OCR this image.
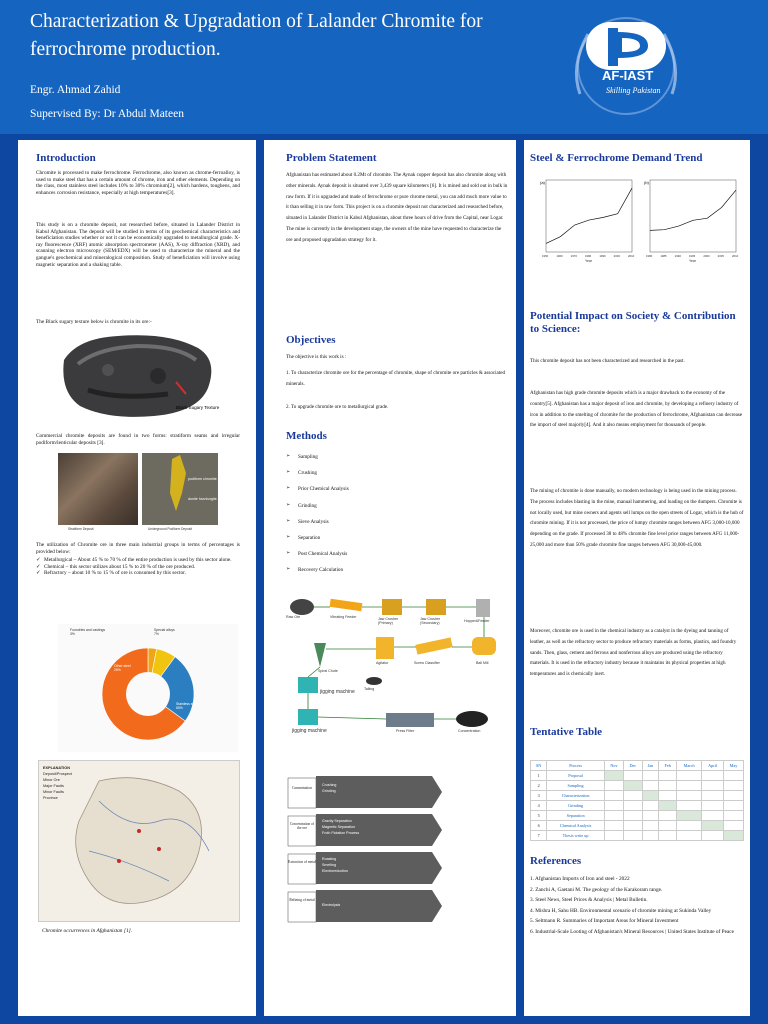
Characterization & Upgradation of Lalander Chromite for ferrochrome production.
Engr. Ahmad Zahid
Supervised By: Dr Abdul Mateen
AF-IAST
Skilling Pakistan
Introduction
Chromite is processed to make ferrochrome. Ferrochrome, also known as chrome-ferroalloy, is used to make steel that has a certain amount of chrome, iron and other elements. Depending on the class, most stainless steel includes 10% to 30% chromium[2], which hardens, toughens, and enhances corrosion resistance, especially at high temperatures[3].
This study is on a chromite deposit, not researched before, situated in Lalander District in Kabul Afghanistan. The deposit will be studied in terms of its geochemical characteristics and beneficiation studies whether or not it can be economically upgraded to metallurgical grade. X-ray fluorescence (XRF) atomic absorption spectrometer (AAS), X-ray diffraction (XRD), and scanning electron microscopy (SEM/EDX) will be used to characterize the mineral and the gangue's geochemical and mineralogical composition. Study of beneficiation will involve using magnetic separation and a shaking table.
The Black sugary texture below is chromite in its ore:-
Black Sugary Texture
Commercial chromite deposits are found in two forms: stratiform seams and irregular podiform/lenticular deposits [3].
podiform chromite
dunite harzburgite
Stratiform Deposit	Underground Podiform Deposit
The utilization of Chromite ore in three main industrial groups in terms of percentages is provided below:
✓ Metallurgical – About 45 % to 70 % of the entire production is used by this sector alone.
✓ Chemical – this sector utilizes about 15 % to 20 % of the ore produced.
✓ Refractory – about 10 % to 15 % of ore is consumed by this sector.
Foundries and castings 3%
Special alloys 7%
Other steel 25%
Stainless steel 65%
EXPLANATION
Deposit/Prospect
Minor Ore
Major Faults
Minor Faults
Province
Chromite occurrences in Afghanistan [1].
Problem Statement
Afghanistan has estimated about 0.2Mt of chromite. The Aynak copper deposit has also chromite along with other minerals. Aynak deposit is situated over 3,439 square kilometers [6]. It is mined and sold out in bulk in raw form. If it is upgraded and made of ferrochrome or pure chrome metal, you can add much more value to it than selling it in raw form. This project is on a chromite deposit not characterized and researched before, situated in Lalander District in Kabul Afghanistan, about three hours of drive from the Capital, near Logar. The mine is currently in the development stage, the owners of the mine have requested to characterize the ore and proposed upgradation strategy for it.
Objectives
The objective is this work is :
1. To characterize chromite ore for the percentage of chromite, shape of chromite ore particles & associated minerals.
2. To upgrade chromite ore to metallurgical grade.
Methods
➢ Sampling
➢ Crushing
➢ Prior Chemical Analysis
➢ Grinding
➢ Sieve Analysis
➢ Separation
➢ Post Chemical Analysis
➢ Recovery Calculation
Raw Ore	Vibrating Feeder	Jaw Crusher (Primary)
Jaw Crusher (Secondary)	Hopper&Feeder
Agitator	Screw Classifier	Ball Mill
Spiral Chute
Tailing
jigging machine
jigging machine	Press Filter	Concentration
Comminution
Concentration of the ore
Extraction of metal
Refining of metal
Crushing
Grinding
Gravity Separation
Magnetic Separation
Froth Flotation Process
Roasting
Smelting
Electroreduction
Electrolysis
Steel & Ferrochrome Demand Trend
(a)
Year
1950	1960	1970	1980	1990	2000	2010
(b)
Year
1980	1985	1990	1995	2000	2005	2010
Potential Impact on Society & Contribution to Science:
This chromite deposit has not been characterized and researched in the past.
Afghanistan has high grade chromite deposits which is a major drawback to the economy of the country[5]. Afghanistan has a major deposit of iron and chromite, by developing a refinery industry of iron in addition to the smelting of chromite for the production of ferrochrome, Afghanistan can decrease the import of steel majorly[4]. And it also means employment for thousands of people.
The mining of chromite is done manually, no modern technology is being used in the mining process. The process includes blasting in the mine, manual hammering, and loading on the dumpers. Chromite is not locally used, but mine owners and agents sell lumps on the open streets of Logar, which is the hub of chromite mining. If it is not processed, the price of lumpy chromite ranges between AFG 3,000-10,000 depending on the grade. If processed 38 to 48% chromite fine level price ranges between AFG 11,000-25,000 and more than 50% grade chromite fine ranges between AFG 30,000-45,000.
Moreover, chromite ore is used in the chemical industry as a catalyst in the dyeing and tanning of leather, as well as the refractory sector to produce refractory materials as forms, plastics, and foundry sands. Then, glass, cement and ferrous and nonferrous alloys are produced using the refractory materials. It is used in the refractory industry because it maintains its physical properties at high temperatures and is chemically inert.
Tentative Table
SN	Process	Nov	Dec	Jan	Feb	March	April	May
1	Proposal							
2	Sampling							
3	Characterization							
4	Grinding							
5	Separation							
6	Chemical Analysis							
7	Thesis write up							
References
1. Afghanistan Imports of Iron and steel - 2022
2. Zanchi A, Gaetani M. The geology of the Karakoram range.
3. Steel News, Steel Prices & Analysis | Metal Bulletin.
4. Mishra H, Sahu HB. Environmental scenario of chromite mining at Sukinda Valley
5. Seltmann R. Summaries of Important Areas for Mineral Investment
6. Industrial-Scale Looting of Afghanistan's Mineral Resources | United States Institute of Peace
